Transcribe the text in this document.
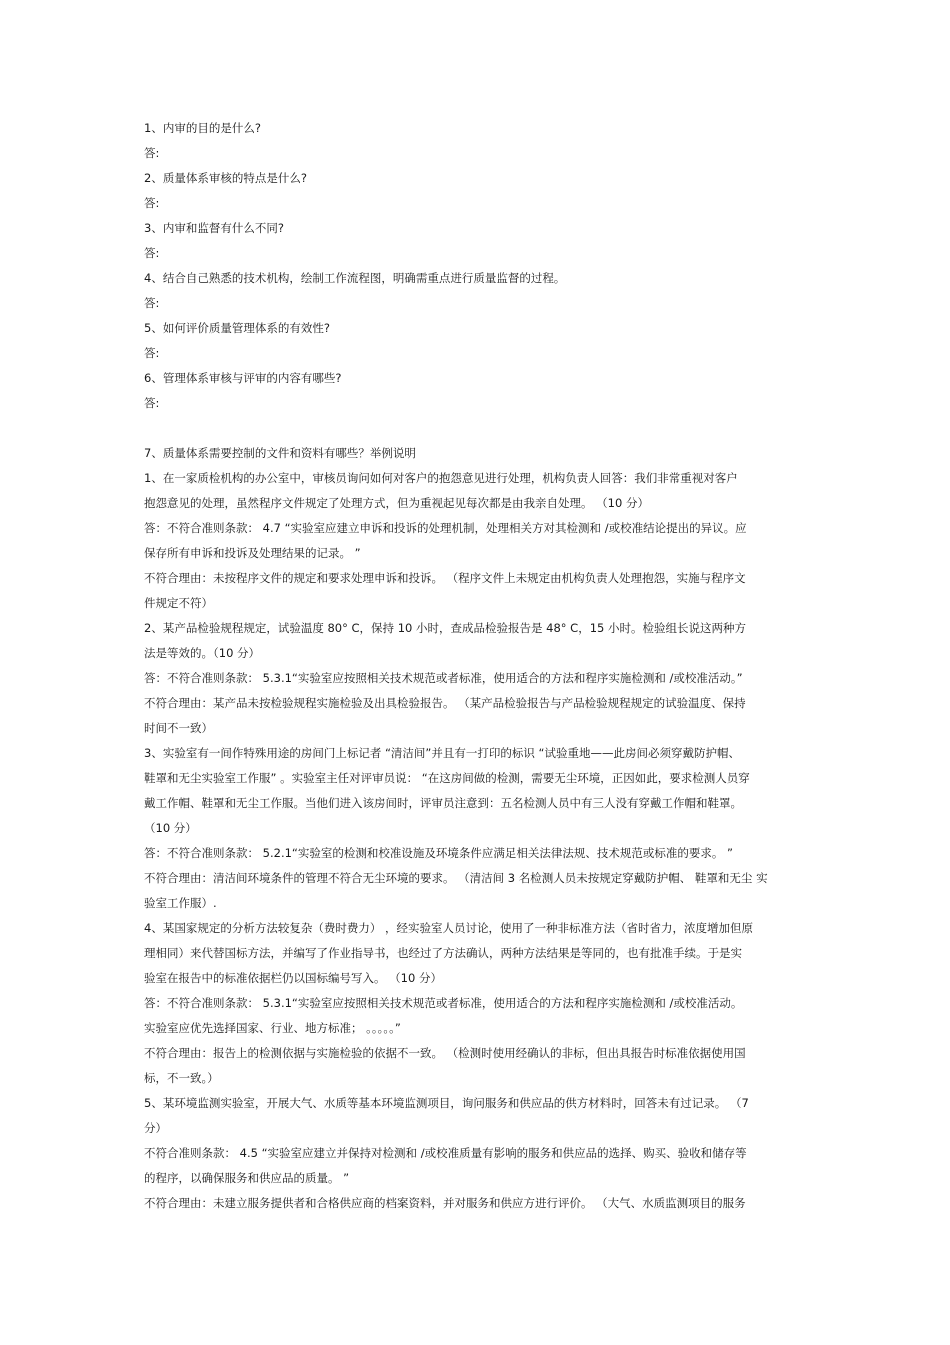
1、内审的目的是什么?

答:

2、质量体系审核的特点是什么?

答:

3、内审和监督有什么不同?

答:

4、结合自己熟悉的技术机构，绘制工作流程图，明确需重点进行质量监督的过程。

答:

5、如何评价质量管理体系的有效性?

答:

6、管理体系审核与评审的内容有哪些?

答:

7、质量体系需要控制的文件和资料有哪些？举例说明

1、在一家质检机构的办公室中，审核员询问如何对客户的抱怨意见进行处理，机构负责人回答：我们非常重视对客户

抱怨意见的处理，虽然程序文件规定了处理方式，但为重视起见每次都是由我亲自处理。 （10 分）

答：不符合准则条款： 4.7 “实验室应建立申诉和投诉的处理机制，处理相关方对其检测和 /或校准结论提出的异议。应

保存所有申诉和投诉及处理结果的记录。 ”

不符合理由：未按程序文件的规定和要求处理申诉和投诉。 （程序文件上未规定由机构负责人处理抱怨，实施与程序文

件规定不符）

2、某产品检验规程规定，试验温度 80° C，保持 10 小时，查成品检验报告是 48° C，15 小时。检验组长说这两种方

法是等效的。（10 分）

答：不符合准则条款： 5.3.1“实验室应按照相关技术规范或者标准，使用适合的方法和程序实施检测和 /或校准活动。”

不符合理由：某产品未按检验规程实施检验及出具检验报告。 （某产品检验报告与产品检验规程规定的试验温度、保持

时间不一致）

3、实验室有一间作特殊用途的房间门上标记者 “清洁间”并且有一打印的标识 “试验重地——此房间必须穿戴防护帽、

鞋罩和无尘实验室工作服” 。实验室主任对评审员说： “在这房间做的检测，需要无尘环境，正因如此，要求检测人员穿

戴工作帽、鞋罩和无尘工作服。当他们进入该房间时，评审员注意到：五名检测人员中有三人没有穿戴工作帽和鞋罩。

（10 分）

答：不符合准则条款： 5.2.1“实验室的检测和校准设施及环境条件应满足相关法律法规、技术规范或标准的要求。 ”

不符合理由：清洁间环境条件的管理不符合无尘环境的要求。 （清洁间 3 名检测人员未按规定穿戴防护帽、 鞋罩和无尘 实

验室工作服）.

4、某国家规定的分析方法较复杂（费时费力） ，经实验室人员讨论，使用了一种非标准方法（省时省力，浓度增加但原

理相同）来代替国标方法，并编写了作业指导书，也经过了方法确认，两种方法结果是等同的，也有批准手续。于是实

验室在报告中的标准依据栏仍以国标编号写入。 （10 分）

答：不符合准则条款： 5.3.1“实验室应按照相关技术规范或者标准，使用适合的方法和程序实施检测和 /或校准活动。

实验室应优先选择国家、行业、地方标准； 。。。。。”

不符合理由：报告上的检测依据与实施检验的依据不一致。 （检测时使用经确认的非标，但出具报告时标准依据使用国

标，不一致。）

5、某环境监测实验室，开展大气、水质等基本环境监测项目，询问服务和供应品的供方材料时，回答未有过记录。 （7

分）

不符合准则条款： 4.5 “实验室应建立并保持对检测和 /或校准质量有影响的服务和供应品的选择、购买、验收和储存等

的程序，以确保服务和供应品的质量。 ”

不符合理由：未建立服务提供者和合格供应商的档案资料，并对服务和供应方进行评价。 （大气、水质监测项目的服务
